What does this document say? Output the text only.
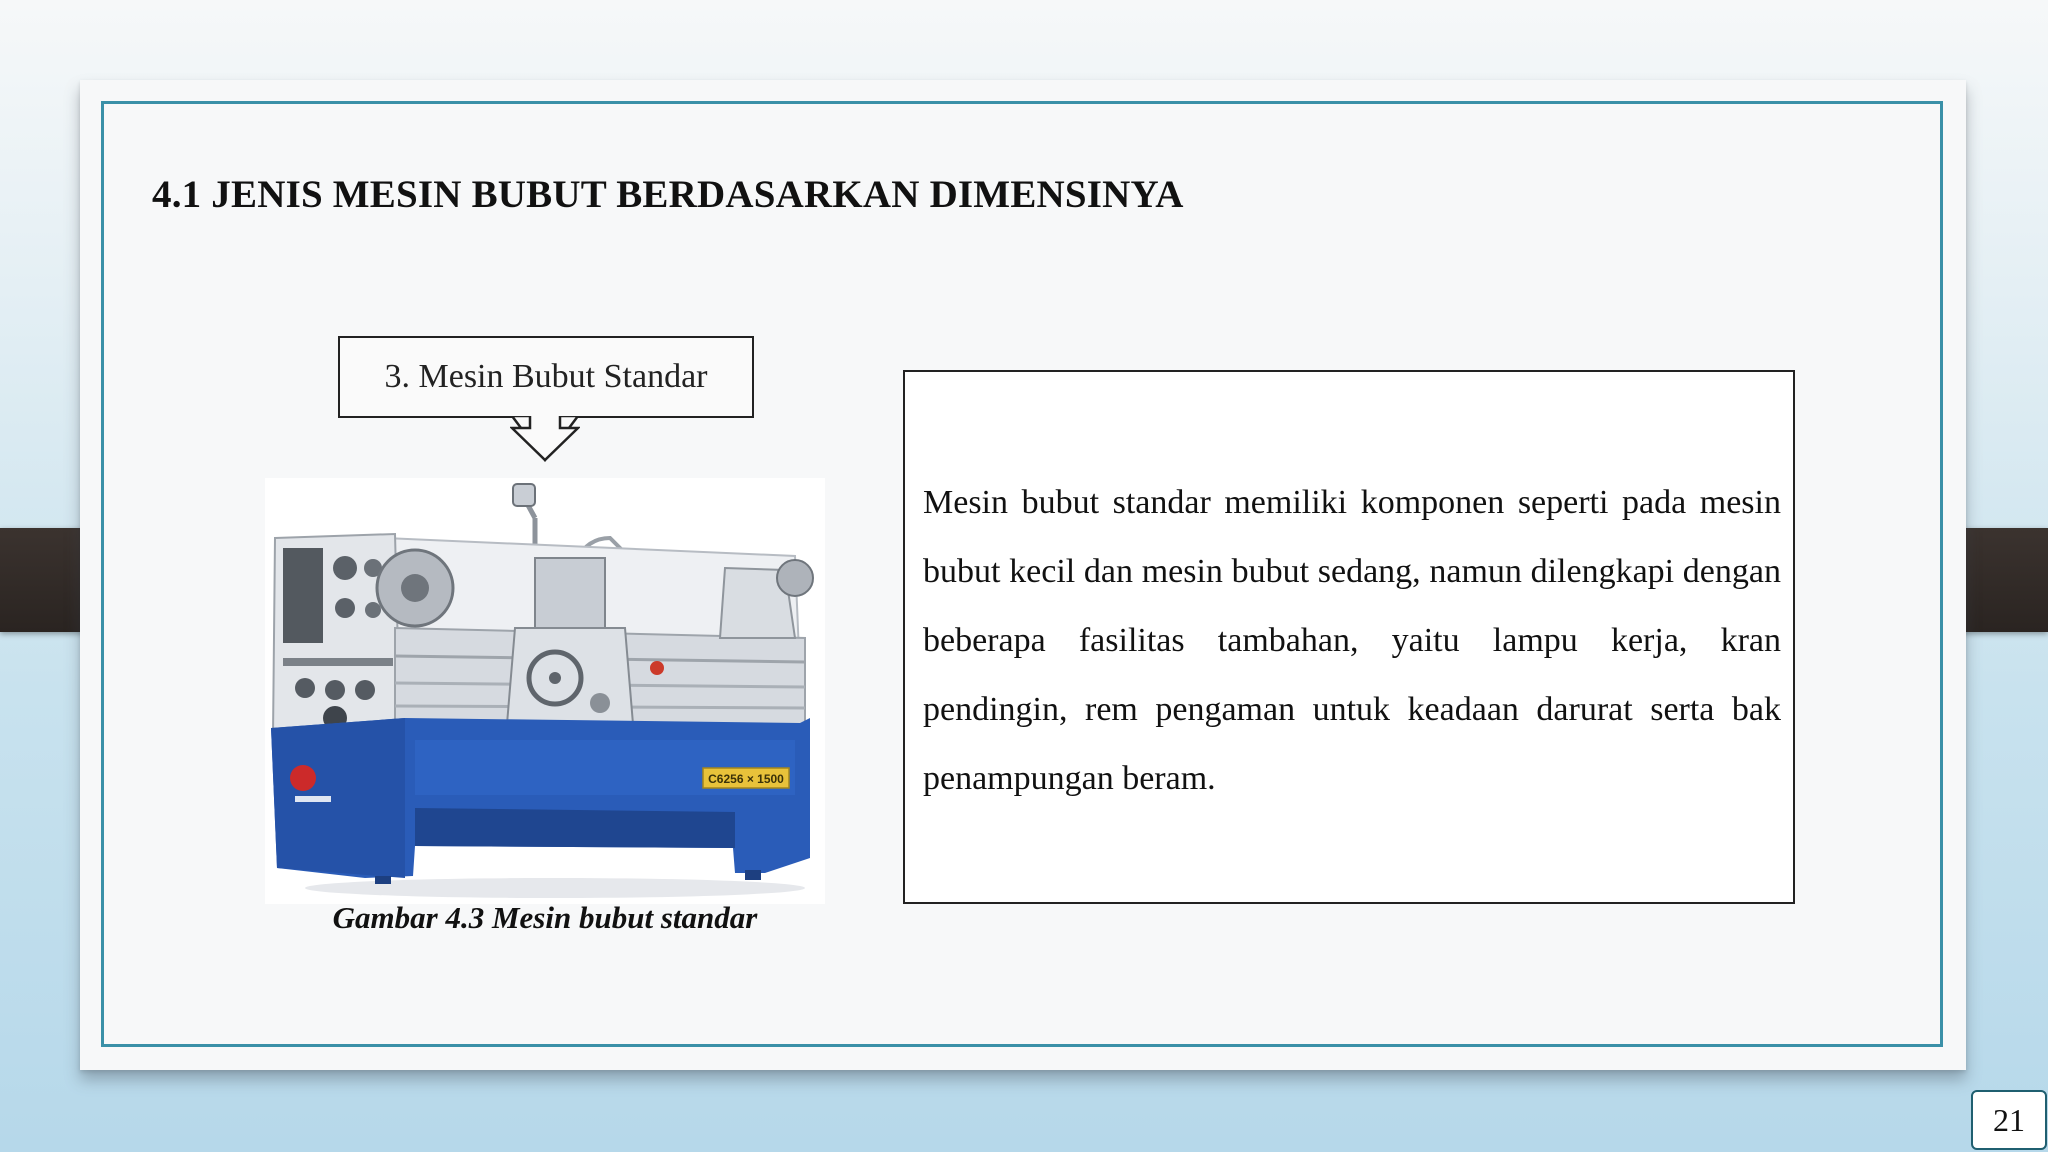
4.1 JENIS MESIN BUBUT BERDASARKAN DIMENSINYA
3. Mesin Bubut Standar
C6256 × 1500
Gambar 4.3 Mesin bubut standar

Mesin bubut standar memiliki komponen seperti pada mesin bubut kecil dan mesin bubut sedang, namun dilengkapi dengan beberapa fasilitas tambahan, yaitu lampu kerja, kran pendingin, rem pengaman untuk keadaan darurat serta bak penampungan beram.

21
